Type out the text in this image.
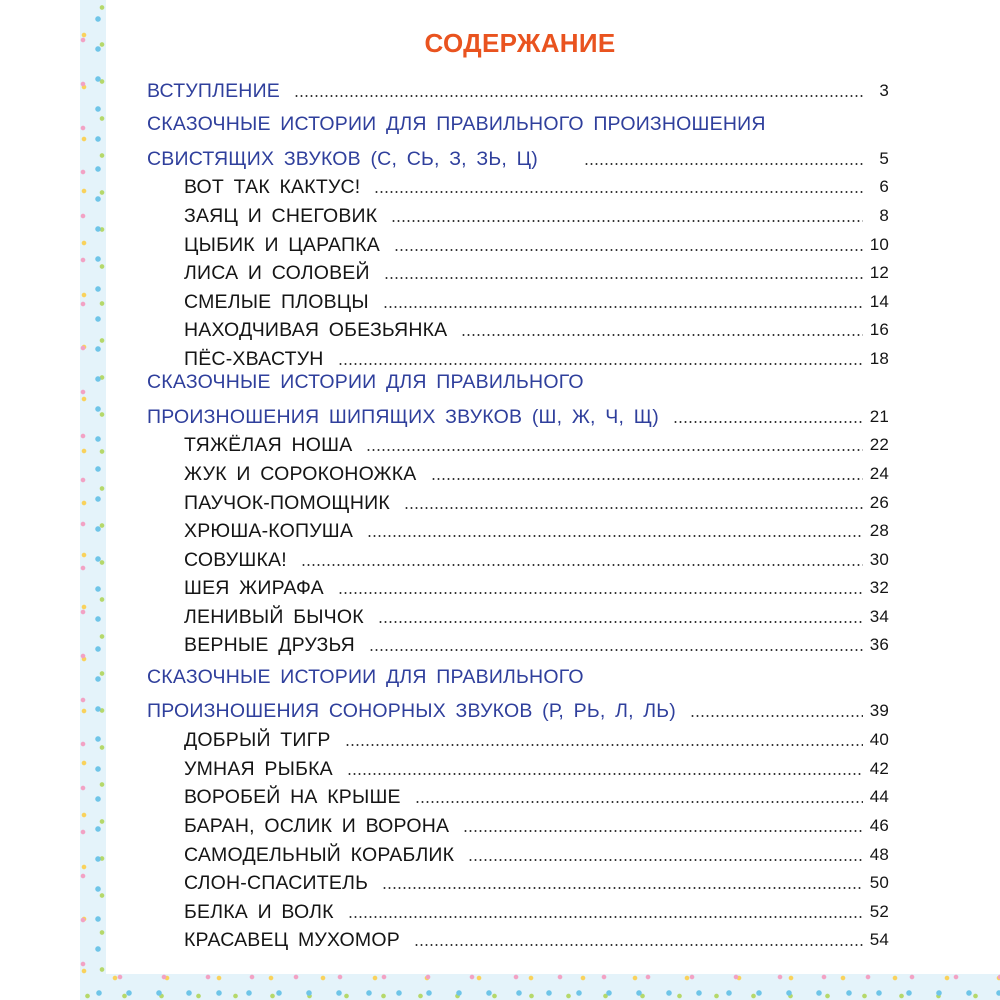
СОДЕРЖАНИЕ
ВСТУПЛЕНИЕ	3
СКАЗОЧНЫЕ ИСТОРИИ ДЛЯ ПРАВИЛЬНОГО ПРОИЗНОШЕНИЯ
СВИСТЯЩИХ ЗВУКОВ (С, СЬ, З, ЗЬ, Ц)	5
ВОТ ТАК КАКТУС!	6
ЗАЯЦ И СНЕГОВИК	8
ЦЫБИК И ЦАРАПКА	10
ЛИСА И СОЛОВЕЙ	12
СМЕЛЫЕ ПЛОВЦЫ	14
НАХОДЧИВАЯ ОБЕЗЬЯНКА	16
ПЁС-ХВАСТУН	18
СКАЗОЧНЫЕ ИСТОРИИ ДЛЯ ПРАВИЛЬНОГО
ПРОИЗНОШЕНИЯ ШИПЯЩИХ ЗВУКОВ (Ш, Ж, Ч, Щ)	21
ТЯЖЁЛАЯ НОША	22
ЖУК И СОРОКОНОЖКА	24
ПАУЧОК-ПОМОЩНИК	26
ХРЮША-КОПУША	28
СОВУШКА!	30
ШЕЯ ЖИРАФА	32
ЛЕНИВЫЙ БЫЧОК	34
ВЕРНЫЕ ДРУЗЬЯ	36
СКАЗОЧНЫЕ ИСТОРИИ ДЛЯ ПРАВИЛЬНОГО
ПРОИЗНОШЕНИЯ СОНОРНЫХ ЗВУКОВ (Р, РЬ, Л, ЛЬ)	39
ДОБРЫЙ ТИГР	40
УМНАЯ РЫБКА	42
ВОРОБЕЙ НА КРЫШЕ	44
БАРАН, ОСЛИК И ВОРОНА	46
САМОДЕЛЬНЫЙ КОРАБЛИК	48
СЛОН-СПАСИТЕЛЬ	50
БЕЛКА И ВОЛК	52
КРАСАВЕЦ МУХОМОР	54
